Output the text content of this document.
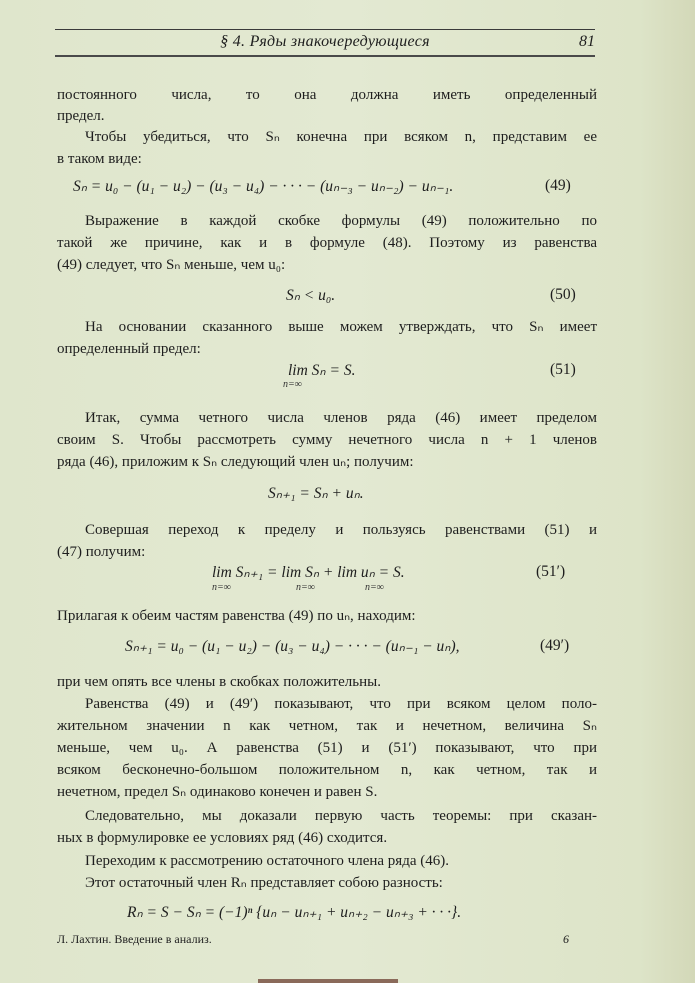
§ 4. Ряды знакочередующиеся	81
постоянного числа, то она должна иметь определенный
предел.
Чтобы убедиться, что Sₙ конечна при всяком n, представим ее
в таком виде:
Sₙ = u₀ − (u₁ − u₂) − (u₃ − u₄) − · · · − (uₙ₋₃ − uₙ₋₂) − uₙ₋₁.	(49)
Выражение в каждой скобке формулы (49) положительно по
такой же причине, как и в формуле (48). Поэтому из равенства
(49) следует, что Sₙ меньше, чем u₀:
Sₙ < u₀.	(50)
На основании сказанного выше можем утверждать, что Sₙ имеет
определенный предел:
lim Sₙ = S.
n=∞
(51)
Итак, сумма четного числа членов ряда (46) имеет пределом
своим S. Чтобы рассмотреть сумму нечетного числа n + 1 членов
ряда (46), приложим к Sₙ следующий член uₙ; получим:
Sₙ₊₁ = Sₙ + uₙ.
Совершая переход к пределу и пользуясь равенствами (51) и
(47) получим:
lim Sₙ₊₁ = lim Sₙ + lim uₙ = S.
n=∞	n=∞	n=∞
(51′)
Прилагая к обеим частям равенства (49) по uₙ, находим:
Sₙ₊₁ = u₀ − (u₁ − u₂) − (u₃ − u₄) − · · · − (uₙ₋₁ − uₙ),	(49′)
при чем опять все члены в скобках положительны.
Равенства (49) и (49′) показывают, что при всяком целом поло-
жительном значении n как четном, так и нечетном, величина Sₙ
меньше, чем u₀. А равенства (51) и (51′) показывают, что при
всяком бесконечно-большом положительном n, как четном, так и
нечетном, предел Sₙ одинаково конечен и равен S.
Следовательно, мы доказали первую часть теоремы: при сказан-
ных в формулировке ее условиях ряд (46) сходится.
Переходим к рассмотрению остаточного члена ряда (46).
Этот остаточный член Rₙ представляет собою разность:
Rₙ = S − Sₙ = (−1)ⁿ {uₙ − uₙ₊₁ + uₙ₊₂ − uₙ₊₃ + · · ·}.
Л. Лахтин. Введение в анализ.	6
